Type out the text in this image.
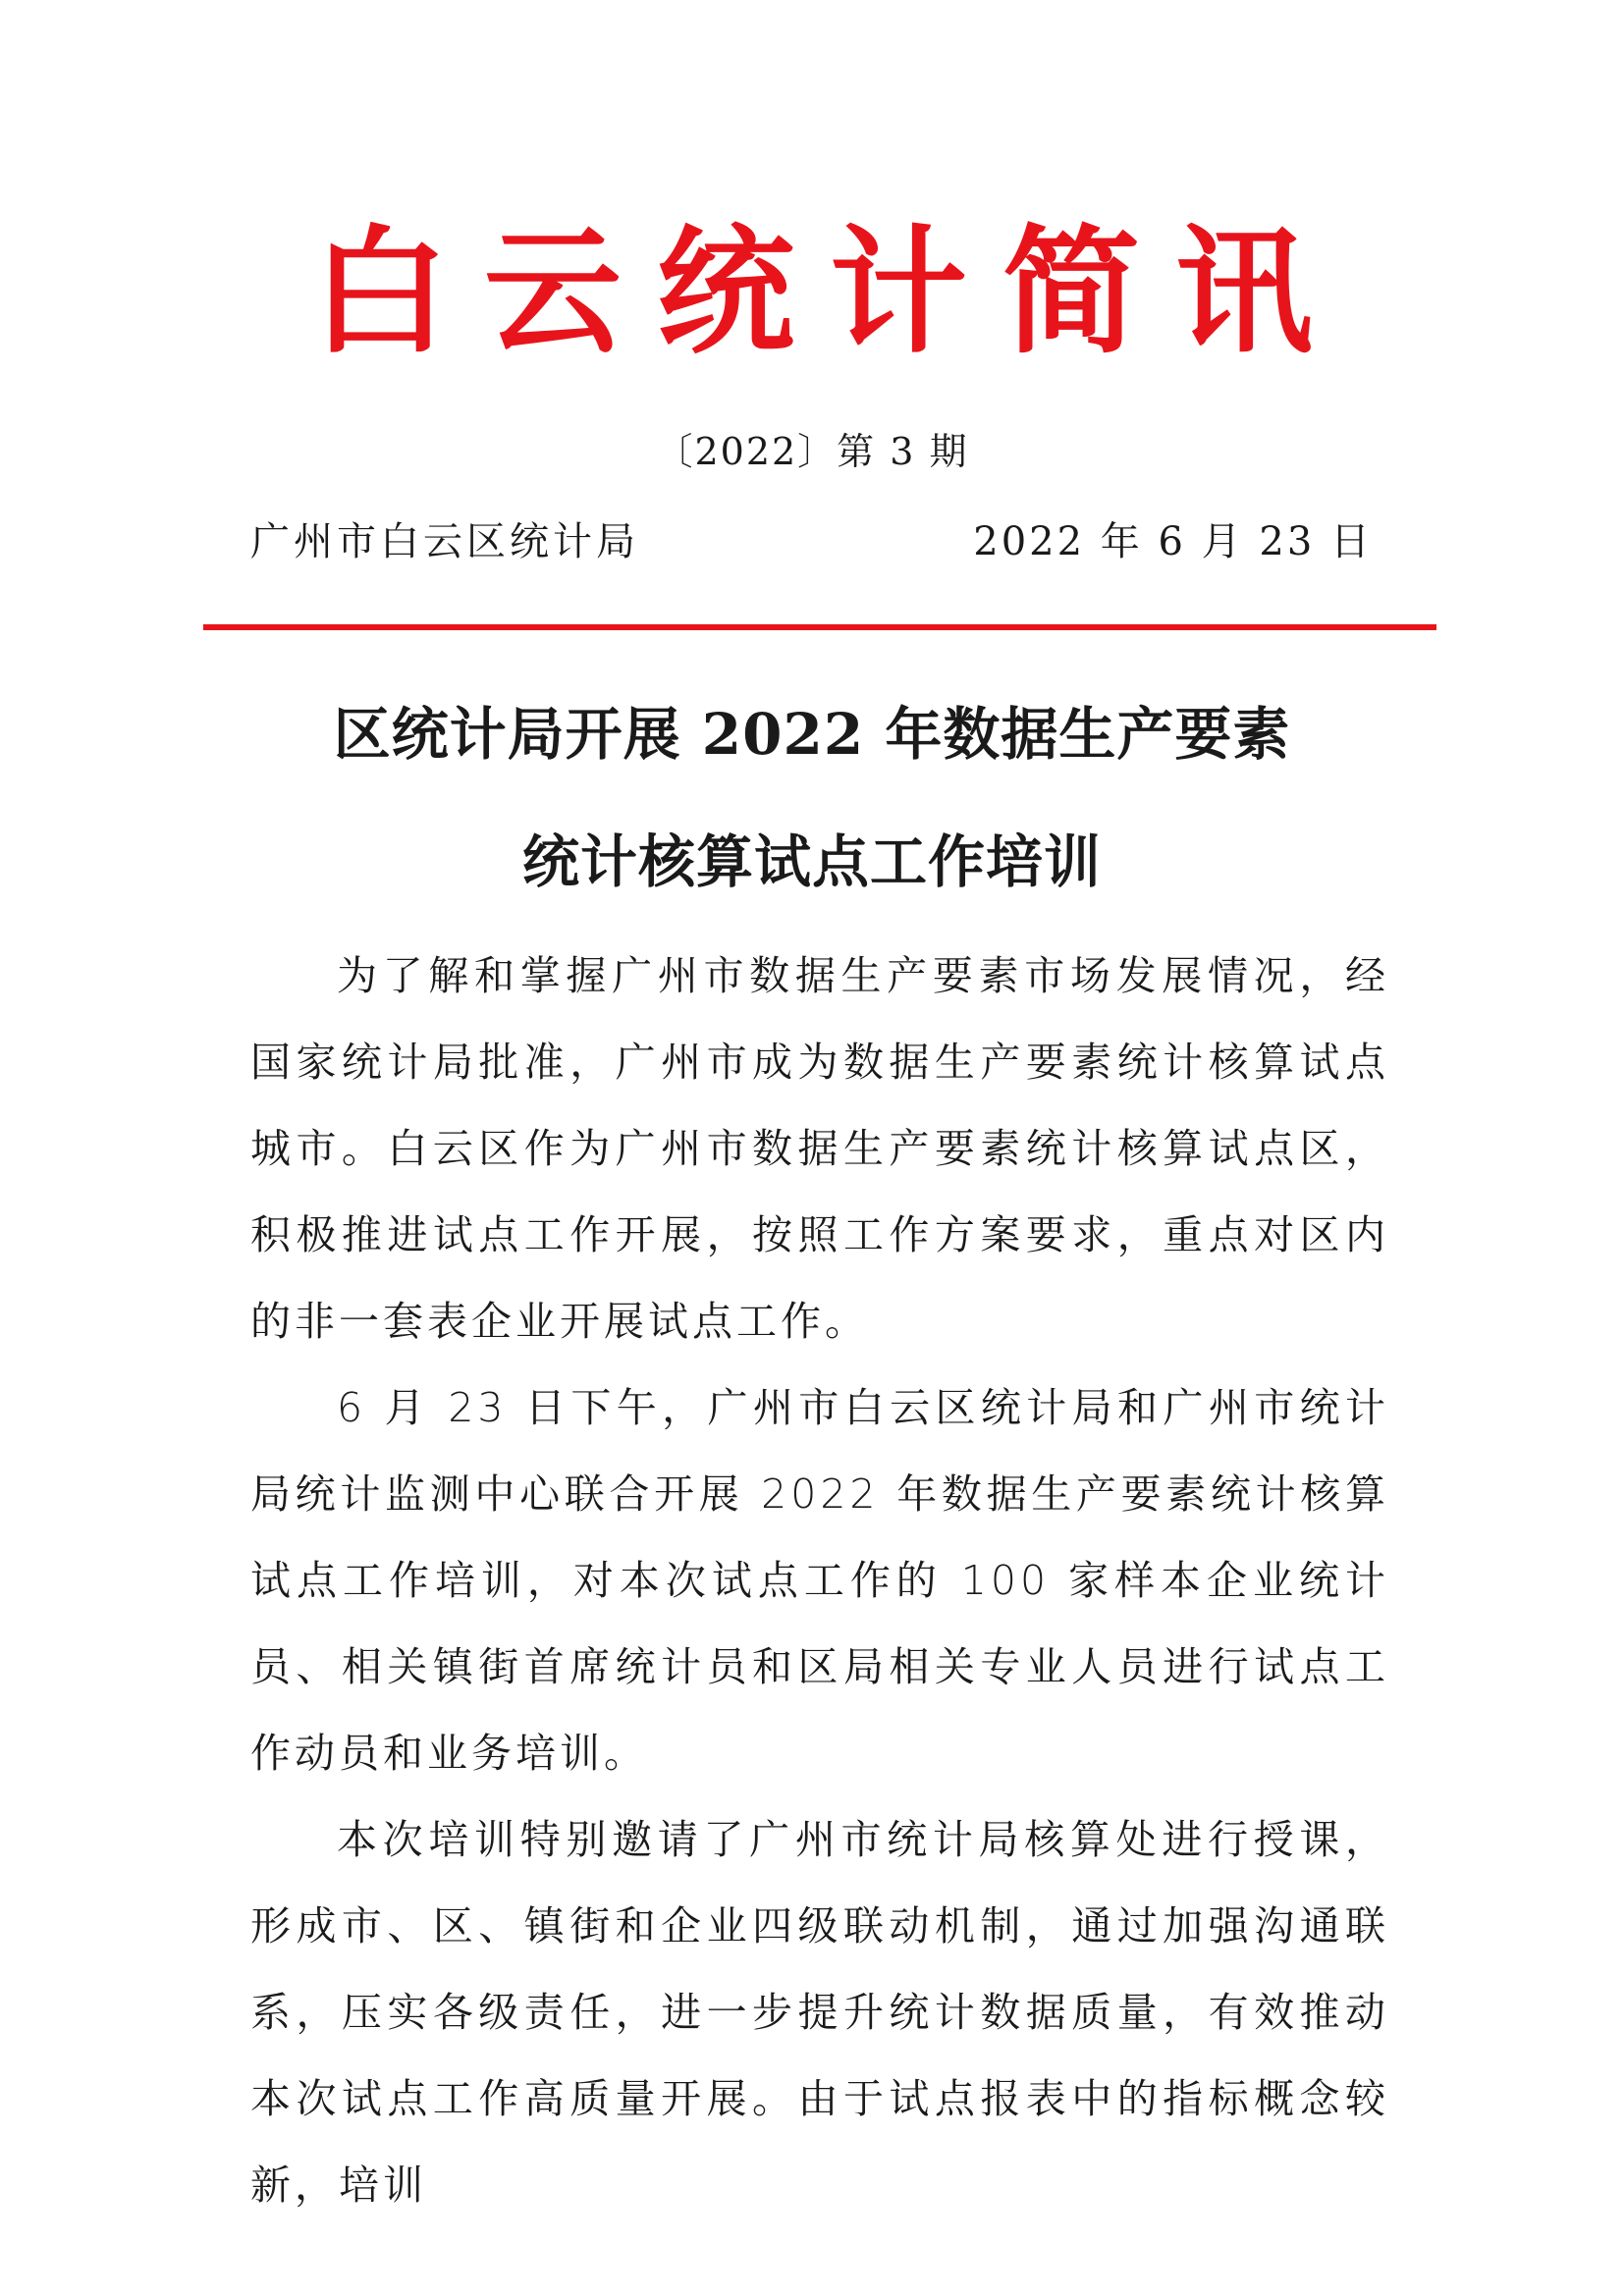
白 云 统 计 简 讯
〔2022〕第 3 期
广州市白云区统计局	2022 年 6 月 23 日
区统计局开展 2022 年数据生产要素
统计核算试点工作培训

为了解和掌握广州市数据生产要素市场发展情况，经国家统计局批准，广州市成为数据生产要素统计核算试点城市。白云区作为广州市数据生产要素统计核算试点区，积极推进试点工作开展，按照工作方案要求，重点对区内的非一套表企业开展试点工作。

6 月 23 日下午，广州市白云区统计局和广州市统计局统计监测中心联合开展 2022 年数据生产要素统计核算试点工作培训，对本次试点工作的 100 家样本企业统计员、相关镇街首席统计员和区局相关专业人员进行试点工作动员和业务培训。

本次培训特别邀请了广州市统计局核算处进行授课，形成市、区、镇街和企业四级联动机制，通过加强沟通联系，压实各级责任，进一步提升统计数据质量，有效推动本次试点工作高质量开展。由于试点报表中的指标概念较新，培训
